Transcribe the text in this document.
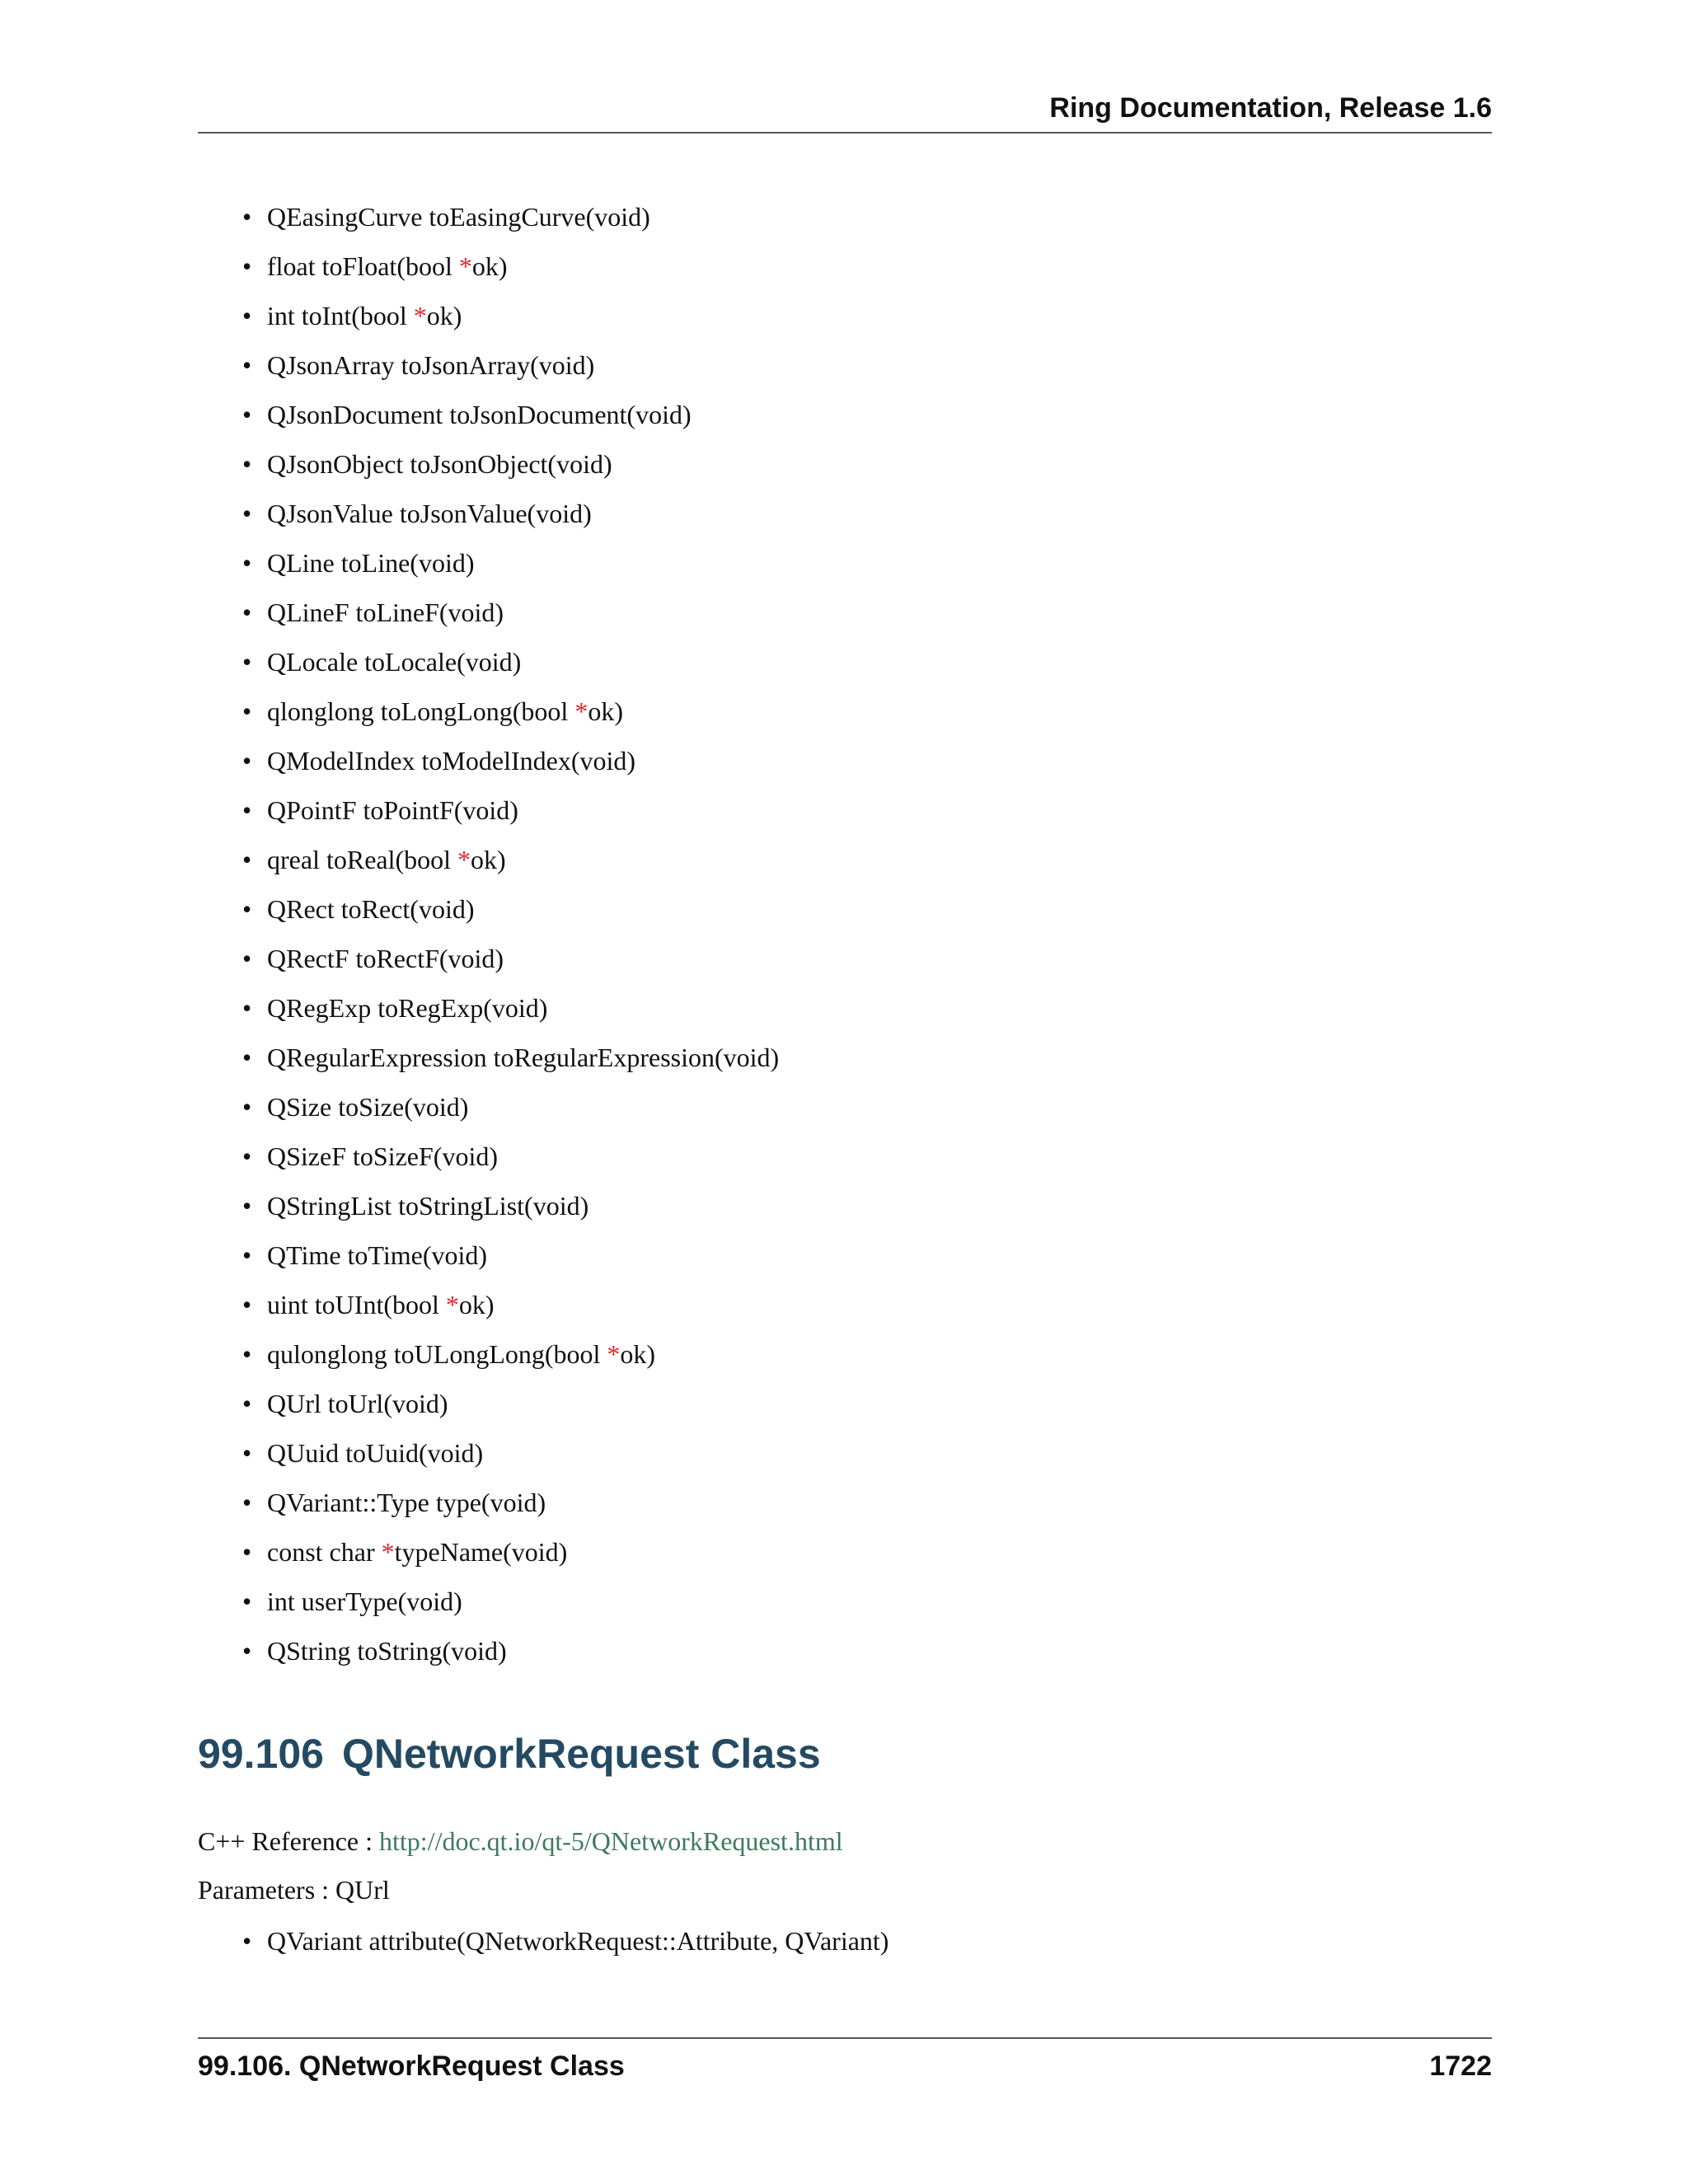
Ring Documentation, Release 1.6
• QEasingCurve toEasingCurve(void)
• float toFloat(bool *ok)
• int toInt(bool *ok)
• QJsonArray toJsonArray(void)
• QJsonDocument toJsonDocument(void)
• QJsonObject toJsonObject(void)
• QJsonValue toJsonValue(void)
• QLine toLine(void)
• QLineF toLineF(void)
• QLocale toLocale(void)
• qlonglong toLongLong(bool *ok)
• QModelIndex toModelIndex(void)
• QPointF toPointF(void)
• qreal toReal(bool *ok)
• QRect toRect(void)
• QRectF toRectF(void)
• QRegExp toRegExp(void)
• QRegularExpression toRegularExpression(void)
• QSize toSize(void)
• QSizeF toSizeF(void)
• QStringList toStringList(void)
• QTime toTime(void)
• uint toUInt(bool *ok)
• qulonglong toULongLong(bool *ok)
• QUrl toUrl(void)
• QUuid toUuid(void)
• QVariant::Type type(void)
• const char *typeName(void)
• int userType(void)
• QString toString(void)
99.106 QNetworkRequest Class
C++ Reference : http://doc.qt.io/qt-5/QNetworkRequest.html
Parameters : QUrl
• QVariant attribute(QNetworkRequest::Attribute, QVariant)
99.106. QNetworkRequest Class	1722
